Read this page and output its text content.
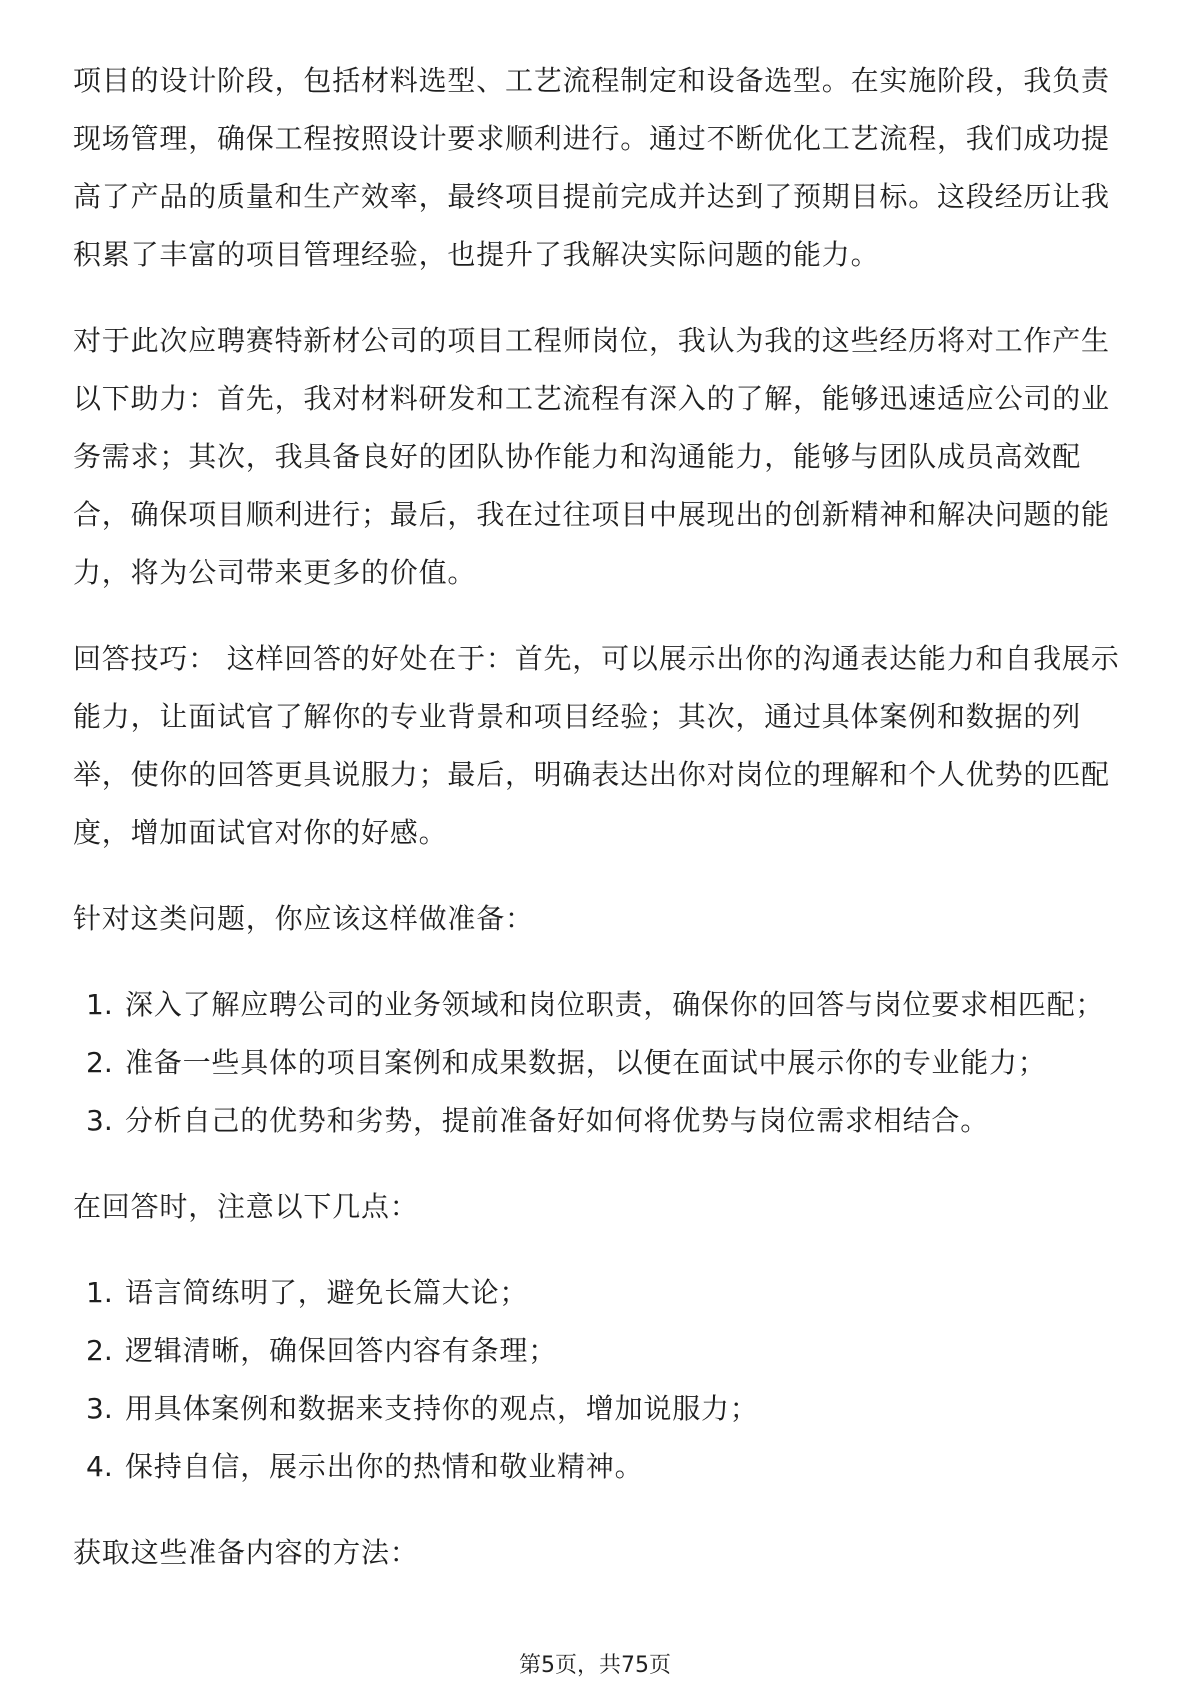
项目的设计阶段，包括材料选型、工艺流程制定和设备选型。在实施阶段，我负责
现场管理，确保工程按照设计要求顺利进行。通过不断优化工艺流程，我们成功提
高了产品的质量和生产效率，最终项目提前完成并达到了预期目标。这段经历让我
积累了丰富的项目管理经验，也提升了我解决实际问题的能力。
对于此次应聘赛特新材公司的项目工程师岗位，我认为我的这些经历将对工作产生
以下助力：首先，我对材料研发和工艺流程有深入的了解，能够迅速适应公司的业
务需求；其次，我具备良好的团队协作能力和沟通能力，能够与团队成员高效配
合，确保项目顺利进行；最后，我在过往项目中展现出的创新精神和解决问题的能
力，将为公司带来更多的价值。
回答技巧： 这样回答的好处在于：首先，可以展示出你的沟通表达能力和自我展示
能力，让面试官了解你的专业背景和项目经验；其次，通过具体案例和数据的列
举，使你的回答更具说服力；最后，明确表达出你对岗位的理解和个人优势的匹配
度，增加面试官对你的好感。
针对这类问题，你应该这样做准备：
1. 深入了解应聘公司的业务领域和岗位职责，确保你的回答与岗位要求相匹配；
2. 准备一些具体的项目案例和成果数据，以便在面试中展示你的专业能力；
3. 分析自己的优势和劣势，提前准备好如何将优势与岗位需求相结合。
在回答时，注意以下几点：
1. 语言简练明了，避免长篇大论；
2. 逻辑清晰，确保回答内容有条理；
3. 用具体案例和数据来支持你的观点，增加说服力；
4. 保持自信，展示出你的热情和敬业精神。
获取这些准备内容的方法：
第5页，共75页
